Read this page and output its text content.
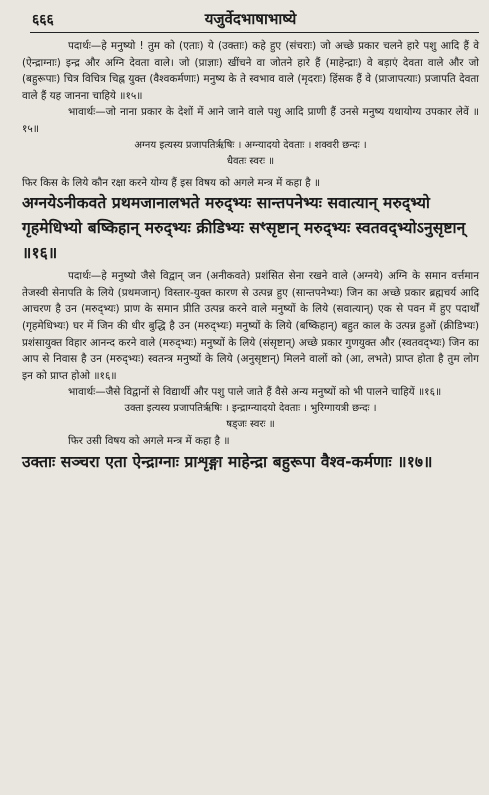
६६६	यजुर्वेदभाषाभाष्ये

पदार्थः—हे मनुष्यो ! तुम को (एताः) ये (उक्ताः) कहे हुए (संचराः) जो अच्छे प्रकार चलने हारे पशु आदि हैं वे (ऐन्द्राग्नाः) इन्द्र और अग्नि देवता वाले। जो (प्राज्ञाः) खींचने वा जोतने हारे हैं (माहेन्द्राः) वे बड़ाएं देवता वाले और जो (बहुरूपाः) चित्र विचित्र चिह्न युक्त (वैश्वकर्मणाः) मनुष्य के ते स्वभाव वाले (मृदराः) हिंसक हैं वे (प्राजापत्याः) प्रजापति देवता वाले हैं यह जानना चाहिये ॥१५॥

भावार्थः—जो नाना प्रकार के देशों में आने जाने वाले पशु आदि प्राणी हैं उनसे मनुष्य यथायोग्य उपकार लेवें ॥१५॥

अग्नय इत्यस्य प्रजापतिर्ऋषिः । अग्न्यादयो देवताः । शक्वरी छन्दः ।

धैवतः स्वरः ॥

फिर किस के लिये कौन रक्षा करने योग्य हैं इस विषय को अगले मन्त्र में कहा है ॥

अग्नयेऽनीकवते प्रथमजानालभते मरुद्भ्यः सान्तपनेभ्यः सवात्यान् मरुद्भ्यो गृहमेधिभ्यो बष्किहान् मरुद्भ्यः क्रीडिभ्यः सꣳसृष्टान् मरुद्भ्यः स्वतवद्भ्योऽनुसृष्टान् ॥१६॥

पदार्थः—हे मनुष्यो जैसे विद्वान् जन (अनीकवते) प्रशंसित सेना रखने वाले (अग्नये) अग्नि के समान वर्त्तमान तेजस्वी सेनापति के लिये (प्रथमजान्) विस्तार-युक्त कारण से उत्पन्न हुए (सान्तपनेभ्यः) जिन का अच्छे प्रकार ब्रह्मचर्य आदि आचरण है उन (मरुद्भ्यः) प्राण के समान प्रीति उत्पन्न करने वाले मनुष्यों के लिये (सवात्यान्) एक से पवन में हुए पदार्थों (गृहमेधिभ्यः) घर में जिन की धीर बुद्धि है उन (मरुद्भ्यः) मनुष्यों के लिये (बष्किहान्) बहुत काल के उत्पन्न हुओं (क्रीडिभ्यः) प्रशंसायुक्त विहार आनन्द करने वाले (मरुद्भ्यः) मनुष्यों के लिये (संसृष्टान्) अच्छे प्रकार गुणयुक्त और (स्वतवद्भ्यः) जिन का आप से निवास है उन (मरुद्भ्यः) स्वतन्त्र मनुष्यों के लिये (अनुसृष्टान्) मिलने वालों को (आ, लभते) प्राप्त होता है तुम लोग इन को प्राप्त होओ ॥१६॥

भावार्थः—जैसे विद्वानों से विद्यार्थी और पशु पाले जाते हैं वैसे अन्य मनुष्यों को भी पालने चाहियें ॥१६॥

उक्ता इत्यस्य प्रजापतिर्ऋषिः । इन्द्राग्न्यादयो देवताः । भुरिग्गायत्री छन्दः ।

षड्जः स्वरः ॥

फिर उसी विषय को अगले मन्त्र में कहा है ॥

उक्ताः सञ्चरा एता ऐन्द्राग्नाः प्राशृङ्गा माहेन्द्रा बहुरूपा वैश्व-कर्मणाः ॥१७॥
